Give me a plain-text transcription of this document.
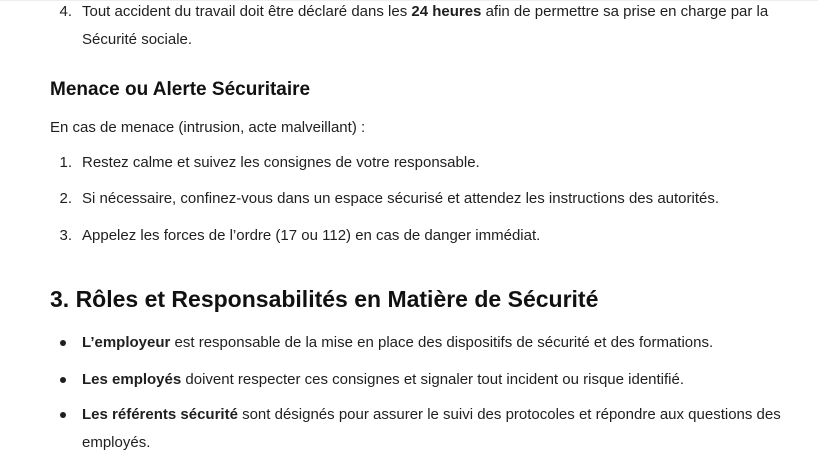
4. Tout accident du travail doit être déclaré dans les 24 heures afin de permettre sa prise en charge par la Sécurité sociale.
Menace ou Alerte Sécuritaire
En cas de menace (intrusion, acte malveillant) :
1. Restez calme et suivez les consignes de votre responsable.
2. Si nécessaire, confinez-vous dans un espace sécurisé et attendez les instructions des autorités.
3. Appelez les forces de l’ordre (17 ou 112) en cas de danger immédiat.
3. Rôles et Responsabilités en Matière de Sécurité
L’employeur est responsable de la mise en place des dispositifs de sécurité et des formations.
Les employés doivent respecter ces consignes et signaler tout incident ou risque identifié.
Les référents sécurité sont désignés pour assurer le suivi des protocoles et répondre aux questions des employés.
